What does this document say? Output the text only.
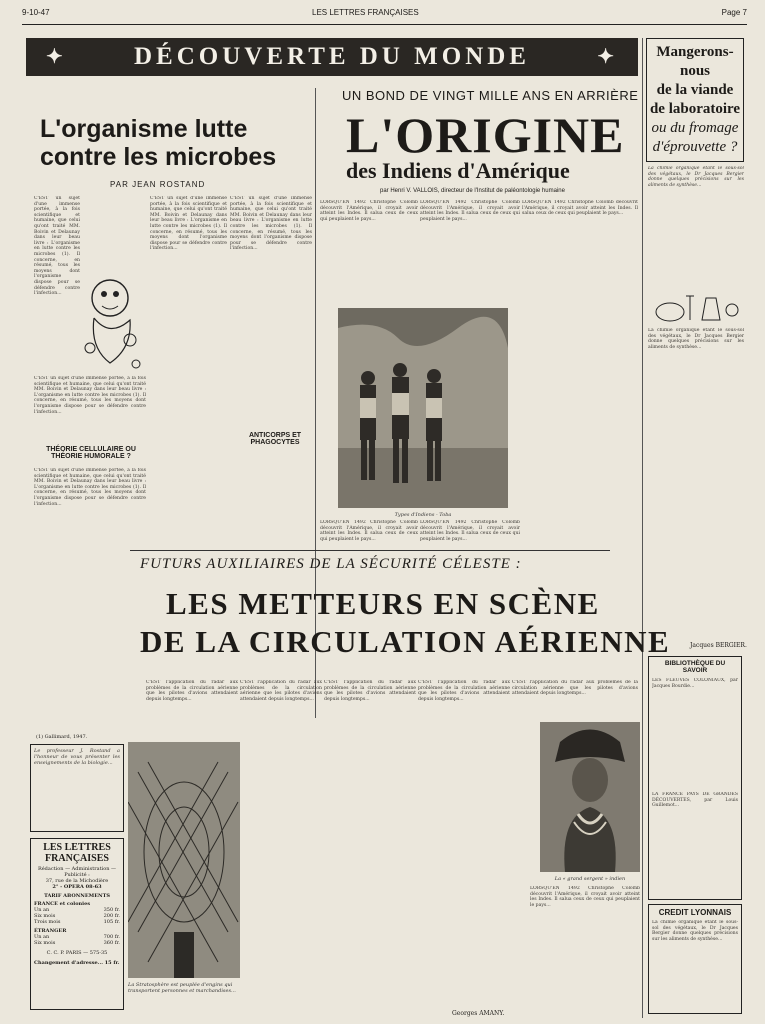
9-10-47	LES LETTRES FRANÇAISES	Page 7
✦	DÉCOUVERTE DU MONDE	✦
L'organisme lutte
contre les microbes
PAR JEAN ROSTAND
C'EST un sujet d'une immense portée, à la fois scientifique et humaine, que celui qu'ont traité MM. Boivin et Delaunay dans leur beau livre : L'organisme en lutte contre les microbes (1). Il concerne, en résumé, tous les moyens dont l'organisme dispose pour se défendre contre l'infection...
C'EST un sujet d'une immense portée, à la fois scientifique et humaine, que celui qu'ont traité MM. Boivin et Delaunay dans leur beau livre : L'organisme en lutte contre les microbes (1). Il concerne, en résumé, tous les moyens dont l'organisme dispose pour se défendre contre l'infection...
C'EST un sujet d'une immense portée, à la fois scientifique et humaine, que celui qu'ont traité MM. Boivin et Delaunay dans leur beau livre : L'organisme en lutte contre les microbes (1). Il concerne, en résumé, tous les moyens dont l'organisme dispose pour se défendre contre l'infection...
C'EST un sujet d'une immense portée, à la fois scientifique et humaine, que celui qu'ont traité MM. Boivin et Delaunay dans leur beau livre : L'organisme en lutte contre les microbes (1). Il concerne, en résumé, tous les moyens dont l'organisme dispose pour se défendre contre l'infection...
THÉORIE CELLULAIRE OU THÉORIE HUMORALE ?
C'EST un sujet d'une immense portée, à la fois scientifique et humaine, que celui qu'ont traité MM. Boivin et Delaunay dans leur beau livre : L'organisme en lutte contre les microbes (1). Il concerne, en résumé, tous les moyens dont l'organisme dispose pour se défendre contre l'infection...
ANTICORPS ET PHAGOCYTES
(1) Gallimard, 1947.
UN BOND DE VINGT MILLE ANS EN ARRIÈRE
L'ORIGINE
des Indiens d'Amérique
par Henri V. VALLOIS, directeur de l'Institut de paléontologie humaine
LORSQU'EN 1492 Christophe Colomb découvrit l'Amérique, il croyait avoir atteint les Indes. Il salua ceux de ceux qui peuplaient le pays...
LORSQU'EN 1492 Christophe Colomb découvrit l'Amérique, il croyait avoir atteint les Indes. Il salua ceux de ceux qui peuplaient le pays...
LORSQU'EN 1492 Christophe Colomb découvrit l'Amérique, il croyait avoir atteint les Indes. Il salua ceux de ceux qui peuplaient le pays...
Types d'Indiens - Toba
LORSQU'EN 1492 Christophe Colomb découvrit l'Amérique, il croyait avoir atteint les Indes. Il salua ceux de ceux qui peuplaient le pays...
LORSQU'EN 1492 Christophe Colomb découvrit l'Amérique, il croyait avoir atteint les Indes. Il salua ceux de ceux qui peuplaient le pays...
FUTURS AUXILIAIRES DE LA SÉCURITÉ CÉLESTE :
LES METTEURS EN SCÈNE
DE LA CIRCULATION AÉRIENNE
C'EST l'application du radar aux problèmes de la circulation aérienne que les pilotes d'avions attendaient depuis longtemps...
C'EST l'application du radar aux problèmes de la circulation aérienne que les pilotes d'avions attendaient depuis longtemps...
C'EST l'application du radar aux problèmes de la circulation aérienne que les pilotes d'avions attendaient depuis longtemps...
C'EST l'application du radar aux problèmes de la circulation aérienne que les pilotes d'avions attendaient depuis longtemps...
C'EST l'application du radar aux problèmes de la circulation aérienne que les pilotes d'avions attendaient depuis longtemps...
Georges AMANY.
La Stratosphère est peuplée d'engins qui transportent personnes et marchandises...
La « grand sergent » indien
LORSQU'EN 1492 Christophe Colomb découvrit l'Amérique, il croyait avoir atteint les Indes. Il salua ceux de ceux qui peuplaient le pays...
Le professeur J. Rostand a l'honneur de vous présenter les enseignements de la biologie...
LES LETTRES FRANÇAISES
Rédaction — Administration — Publicité :
37, rue de la Michodière
2° - OPERA 08-63
TARIF ABONNEMENTS
FRANCE et colonies
Un an	350 fr.
Six mois	200 fr.
Trois mois	105 fr.
ÉTRANGER
Un an	700 fr.
Six mois	360 fr.
C. C. P. PARIS — 575-35
Changement d'adresse... 15 fr.
Mangerons-nous
de la viande
de laboratoire
ou du fromage
d'éprouvette ?
La chimie organique étant le sous-sol des végétaux, le Dr Jacques Bergier donne quelques précisions sur les aliments de synthèse...
La chimie organique étant le sous-sol des végétaux, le Dr Jacques Bergier donne quelques précisions sur les aliments de synthèse...
Jacques BERGIER.
BIBLIOTHÈQUE DU SAVOIR
LES FLEUVES COLONIAUX, par Jacques Bourdie...
LA FRANCE PAYS DE GRANDES DÉCOUVERTES, par Louis Guillemot...
CREDIT LYONNAIS
La chimie organique étant le sous-sol des végétaux, le Dr Jacques Bergier donne quelques précisions sur les aliments de synthèse...
